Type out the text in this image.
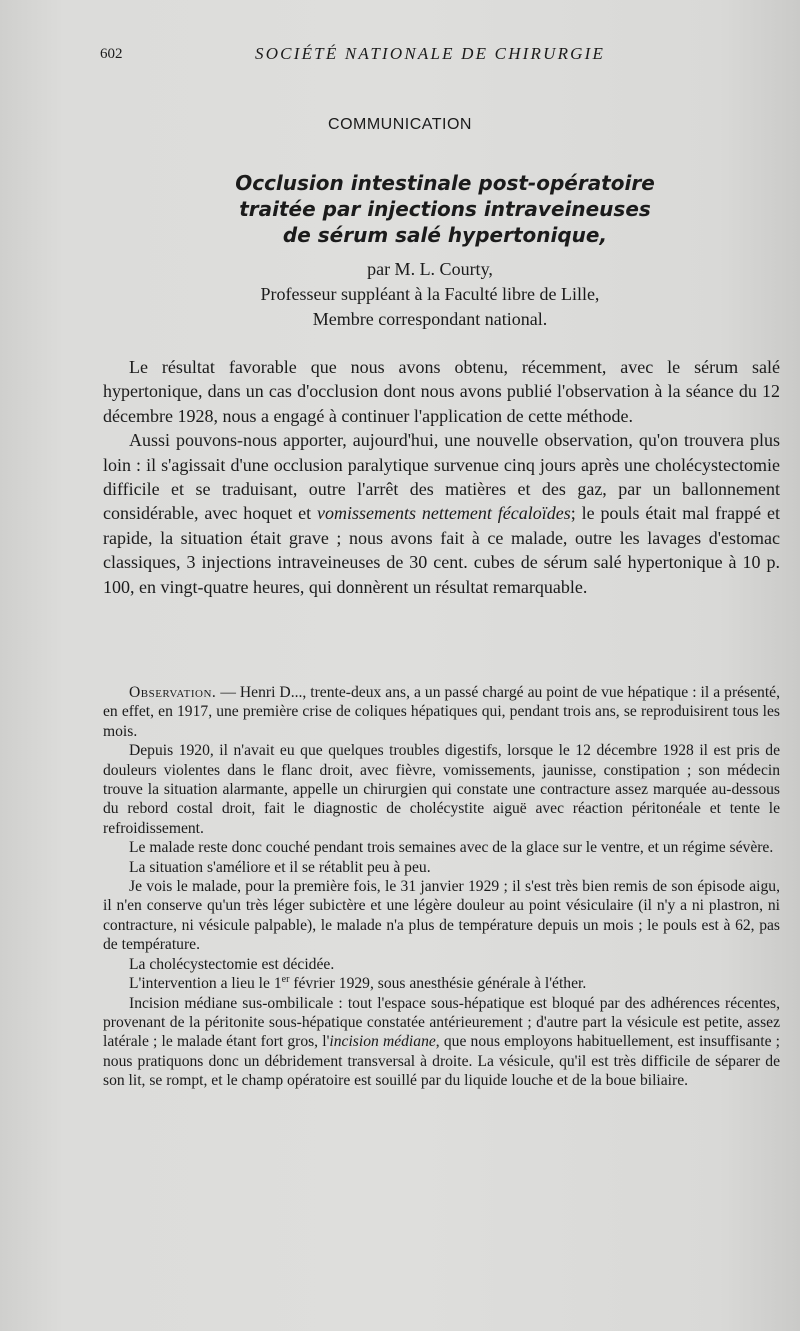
602	SOCIÉTÉ NATIONALE DE CHIRURGIE
COMMUNICATION
Occlusion intestinale post-opératoire
traitée par injections intraveineuses
de sérum salé hypertonique,
par M. L. Courty,
Professeur suppléant à la Faculté libre de Lille,
Membre correspondant national.

Le résultat favorable que nous avons obtenu, récemment, avec le sérum salé hypertonique, dans un cas d'occlusion dont nous avons publié l'observation à la séance du 12 décembre 1928, nous a engagé à continuer l'application de cette méthode.

Aussi pouvons-nous apporter, aujourd'hui, une nouvelle observation, qu'on trouvera plus loin : il s'agissait d'une occlusion paralytique survenue cinq jours après une cholécystectomie difficile et se traduisant, outre l'arrêt des matières et des gaz, par un ballonnement considérable, avec hoquet et vomissements nettement fécaloïdes; le pouls était mal frappé et rapide, la situation était grave ; nous avons fait à ce malade, outre les lavages d'estomac classiques, 3 injections intraveineuses de 30 cent. cubes de sérum salé hypertonique à 10 p. 100, en vingt-quatre heures, qui donnèrent un résultat remarquable.

Observation. — Henri D..., trente-deux ans, a un passé chargé au point de vue hépatique : il a présenté, en effet, en 1917, une première crise de coliques hépatiques qui, pendant trois ans, se reproduisirent tous les mois.

Depuis 1920, il n'avait eu que quelques troubles digestifs, lorsque le 12 décembre 1928 il est pris de douleurs violentes dans le flanc droit, avec fièvre, vomissements, jaunisse, constipation ; son médecin trouve la situation alarmante, appelle un chirurgien qui constate une contracture assez marquée au-dessous du rebord costal droit, fait le diagnostic de cholécystite aiguë avec réaction péritonéale et tente le refroidissement.

Le malade reste donc couché pendant trois semaines avec de la glace sur le ventre, et un régime sévère.

La situation s'améliore et il se rétablit peu à peu.

Je vois le malade, pour la première fois, le 31 janvier 1929 ; il s'est très bien remis de son épisode aigu, il n'en conserve qu'un très léger subictère et une légère douleur au point vésiculaire (il n'y a ni plastron, ni contracture, ni vésicule palpable), le malade n'a plus de température depuis un mois ; le pouls est à 62, pas de température.

La cholécystectomie est décidée.

L'intervention a lieu le 1er février 1929, sous anesthésie générale à l'éther.

Incision médiane sus-ombilicale : tout l'espace sous-hépatique est bloqué par des adhérences récentes, provenant de la péritonite sous-hépatique constatée antérieurement ; d'autre part la vésicule est petite, assez latérale ; le malade étant fort gros, l'incision médiane, que nous employons habituellement, est insuffisante ; nous pratiquons donc un débridement transversal à droite. La vésicule, qu'il est très difficile de séparer de son lit, se rompt, et le champ opératoire est souillé par du liquide louche et de la boue biliaire.
